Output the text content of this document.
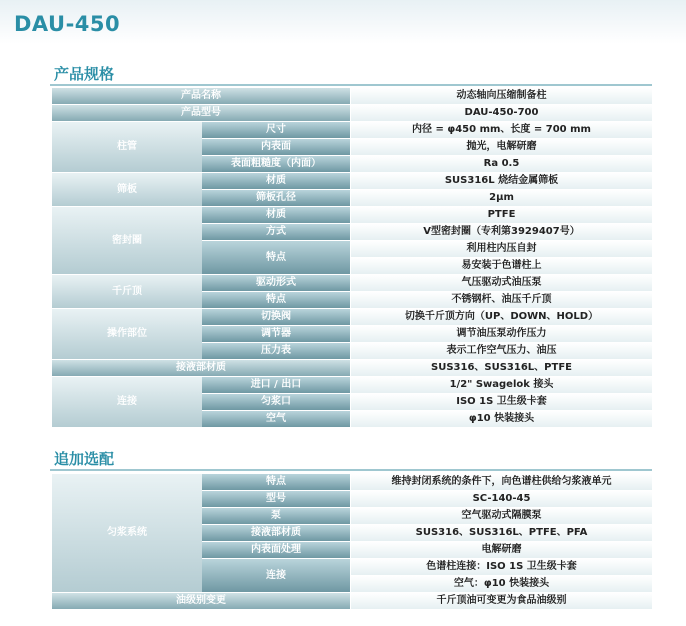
DAU-450
产品规格
产品名称	动态轴向压缩制备柱
产品型号	DAU-450-700
柱管
尺寸	内径 = φ450 mm、长度 = 700 mm
内表面	抛光，电解研磨
表面粗糙度（内面）	Ra 0.5
筛板
材质	SUS316L 烧结金属筛板
筛板孔径	2μm
密封圈
材质	PTFE
方式	V型密封圈（专利第3929407号）
特点
利用柱内压自封
易安装于色谱柱上
千斤顶
驱动形式	气压驱动式油压泵
特点	不锈钢杆、油压千斤顶
操作部位
切换阀	切换千斤顶方向（UP、DOWN、HOLD）
调节器	调节油压泵动作压力
压力表	表示工作空气压力、油压
接液部材质	SUS316、SUS316L、PTFE
连接
进口 / 出口	1/2" Swagelok 接头
匀浆口	ISO 1S 卫生级卡套
空气	φ10 快装接头
追加选配
匀浆系统
特点	维持封闭系统的条件下，向色谱柱供给匀浆液单元
型号	SC-140-45
泵	空气驱动式隔膜泵
接液部材质	SUS316、SUS316L、PTFE、PFA
内表面处理	电解研磨
连接
色谱柱连接：ISO 1S 卫生级卡套
空气：φ10 快装接头
油级别变更	千斤顶油可变更为食品油级别
